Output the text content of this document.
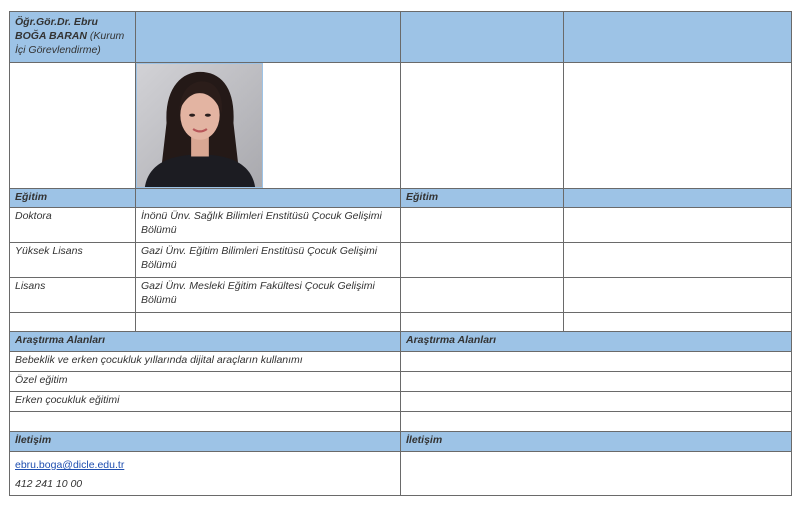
Öğr.Gör.Dr. Ebru
BOĞA BARAN (Kurum İçi Görevlendirme)			

Eğitim		Eğitim	
Doktora	İnönü Ünv. Sağlık Bilimleri Enstitüsü Çocuk Gelişimi Bölümü		
Yüksek Lisans	Gazi Ünv. Eğitim Bilimleri Enstitüsü Çocuk Gelişimi Bölümü		
Lisans	Gazi Ünv. Mesleki Eğitim Fakültesi Çocuk Gelişimi Bölümü		

Araştırma Alanları		Araştırma Alanları	
Bebeklik ve erken çocukluk yıllarında dijital araçların kullanımı			
Özel eğitim			
Erken çocukluk eğitimi			

İletişim		İletişim	
ebru.boga@dicle.edu.tr
412 241 10 00			
